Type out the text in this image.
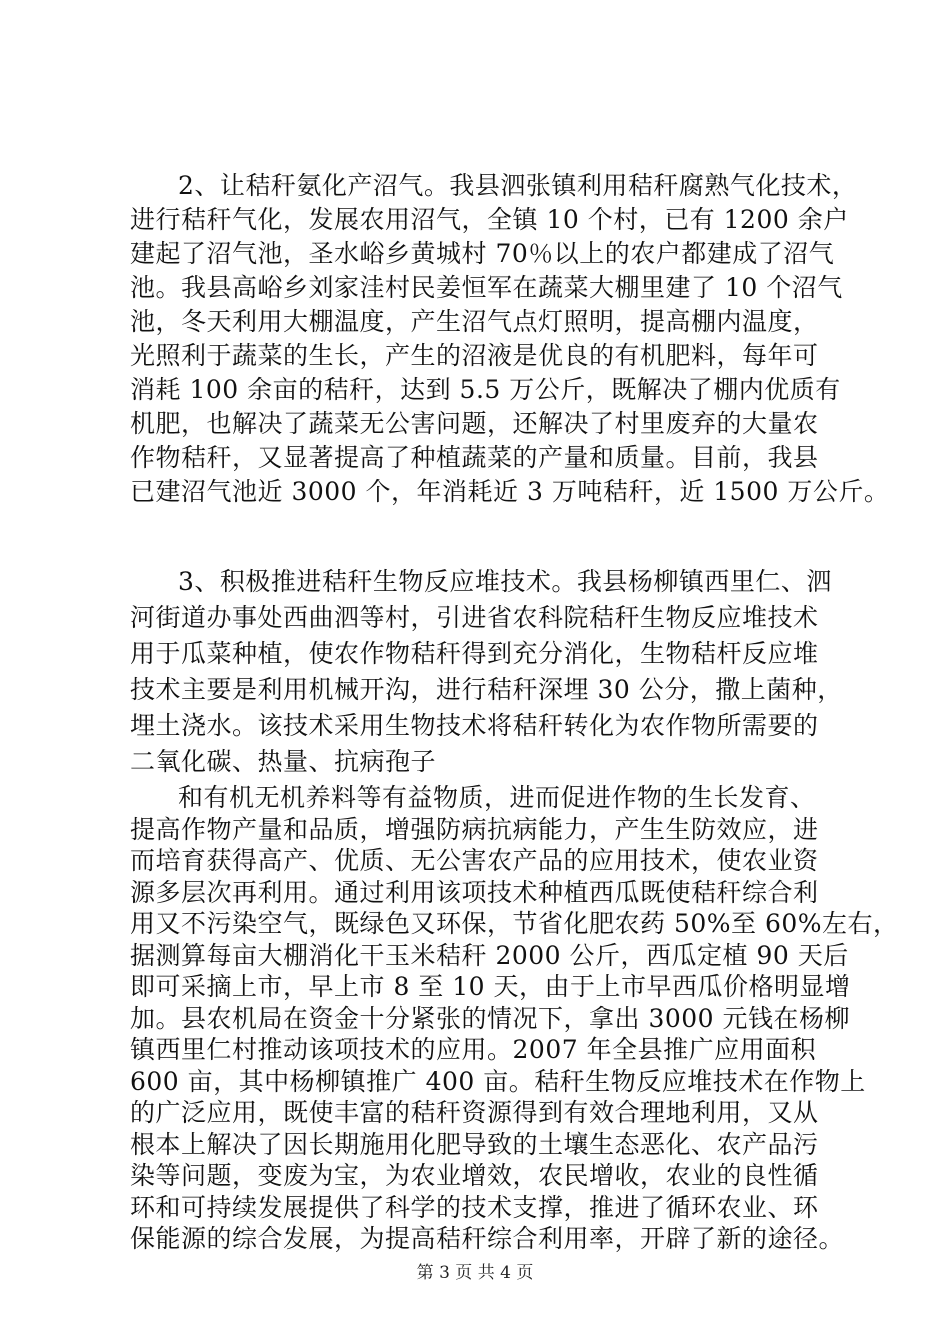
2、让秸秆氨化产沼气。我县泗张镇利用秸秆腐熟气化技术，
进行秸秆气化，发展农用沼气，全镇 10 个村，已有 1200 余户
建起了沼气池，圣水峪乡黄城村 70％以上的农户都建成了沼气
池。我县高峪乡刘家洼村民姜恒军在蔬菜大棚里建了 10 个沼气
池，冬天利用大棚温度，产生沼气点灯照明，提高棚内温度，
光照利于蔬菜的生长，产生的沼液是优良的有机肥料，每年可
消耗 100 余亩的秸秆，达到 5.5 万公斤，既解决了棚内优质有
机肥，也解决了蔬菜无公害问题，还解决了村里废弃的大量农
作物秸秆，又显著提高了种植蔬菜的产量和质量。目前，我县
已建沼气池近 3000 个，年消耗近 3 万吨秸秆，近 1500 万公斤。
3、积极推进秸秆生物反应堆技术。我县杨柳镇西里仁、泗
河街道办事处西曲泗等村，引进省农科院秸秆生物反应堆技术
用于瓜菜种植，使农作物秸秆得到充分消化，生物秸杆反应堆
技术主要是利用机械开沟，进行秸秆深埋 30 公分，撒上菌种，
埋土浇水。该技术采用生物技术将秸秆转化为农作物所需要的
二氧化碳、热量、抗病孢子
和有机无机养料等有益物质，进而促进作物的生长发育、
提高作物产量和品质，增强防病抗病能力，产生生防效应，进
而培育获得高产、优质、无公害农产品的应用技术，使农业资
源多层次再利用。通过利用该项技术种植西瓜既使秸秆综合利
用又不污染空气，既绿色又环保，节省化肥农药 50%至 60%左右，
据测算每亩大棚消化干玉米秸秆 2000 公斤，西瓜定植 90 天后
即可采摘上市，早上市 8 至 10 天，由于上市早西瓜价格明显增
加。县农机局在资金十分紧张的情况下，拿出 3000 元钱在杨柳
镇西里仁村推动该项技术的应用。2007 年全县推广应用面积
600 亩，其中杨柳镇推广 400 亩。秸秆生物反应堆技术在作物上
的广泛应用，既使丰富的秸秆资源得到有效合理地利用，又从
根本上解决了因长期施用化肥导致的土壤生态恶化、农产品污
染等问题，变废为宝，为农业增效，农民增收，农业的良性循
环和可持续发展提供了科学的技术支撑，推进了循环农业、环
保能源的综合发展，为提高秸秆综合利用率，开辟了新的途径。
第 3 页 共 4 页
